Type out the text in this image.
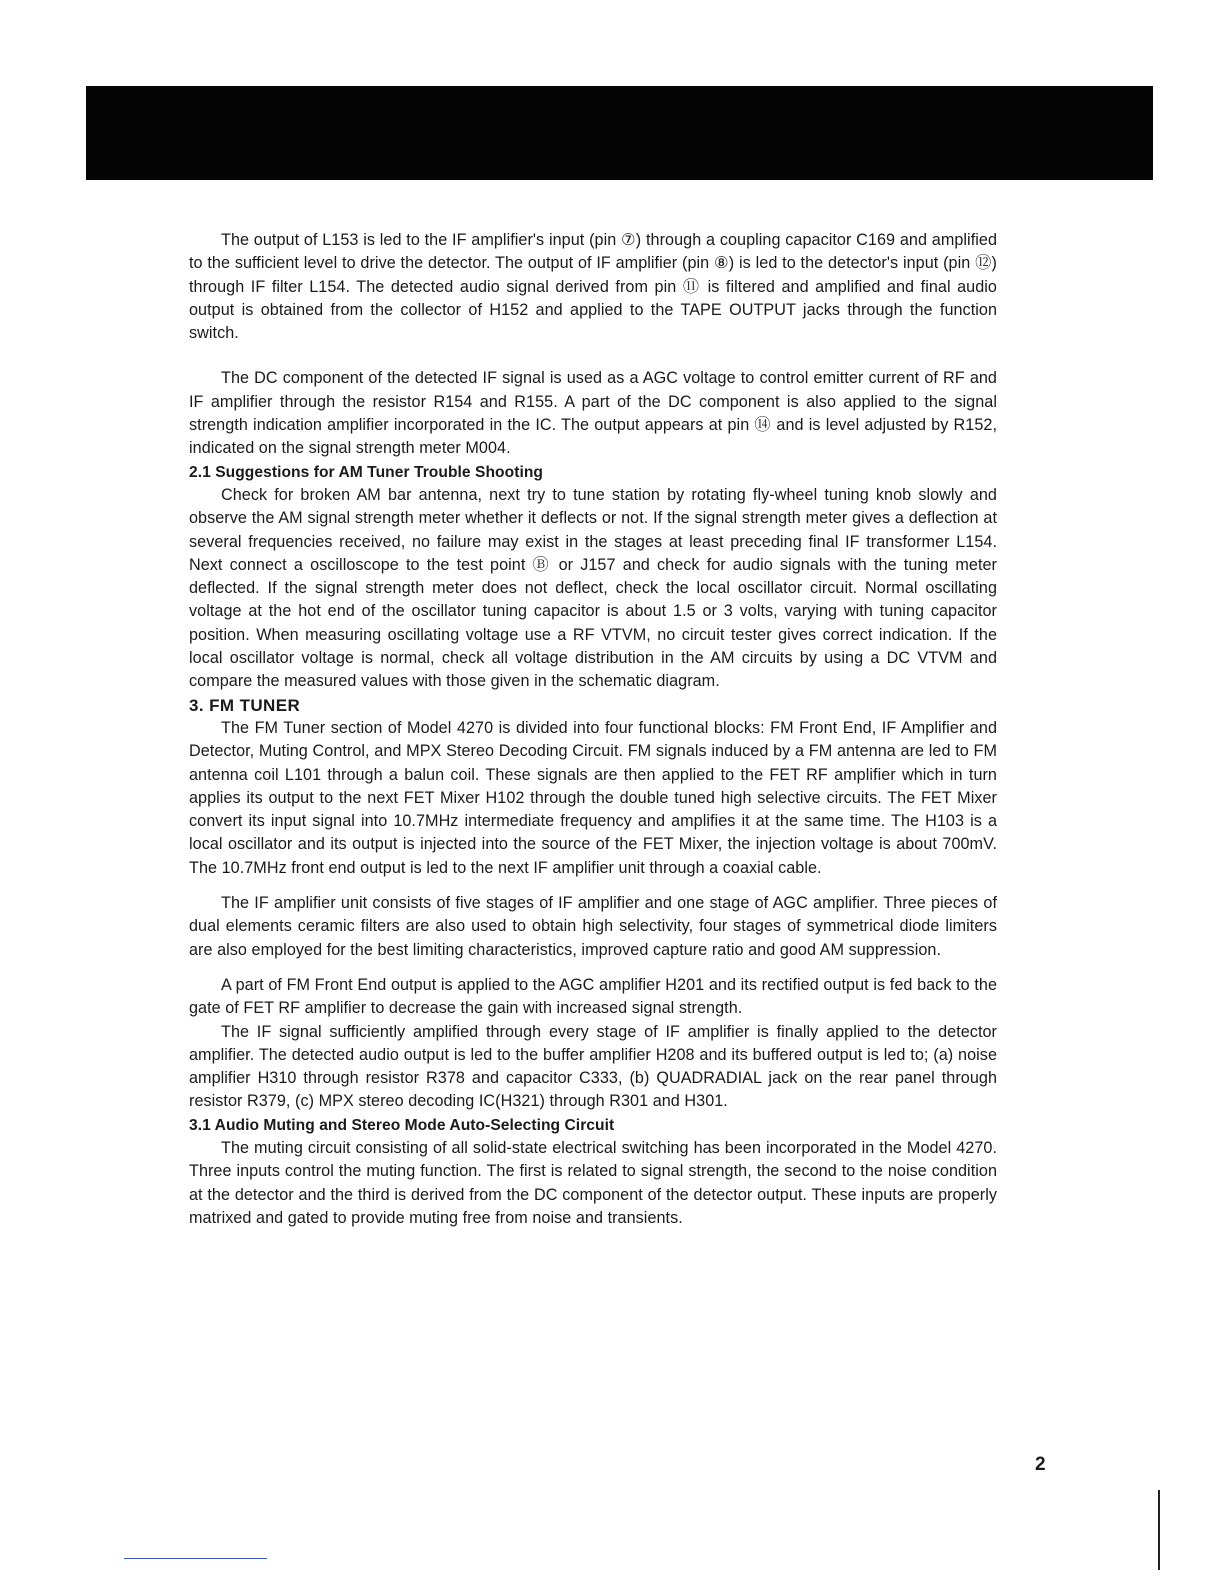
The output of L153 is led to the IF amplifier's input (pin ⑦) through a coupling capacitor C169 and amplified to the sufficient level to drive the detector. The output of IF amplifier (pin ⑧) is led to the detector's input (pin ⑫) through IF filter L154. The detected audio signal derived from pin ⑪ is filtered and amplified and final audio output is obtained from the collector of H152 and applied to the TAPE OUTPUT jacks through the function switch.

The DC component of the detected IF signal is used as a AGC voltage to control emitter current of RF and IF amplifier through the resistor R154 and R155. A part of the DC component is also applied to the signal strength indication amplifier incorporated in the IC. The output appears at pin ⑭ and is level adjusted by R152, indicated on the signal strength meter M004.

2.1 Suggestions for AM Tuner Trouble Shooting

Check for broken AM bar antenna, next try to tune station by rotating fly-wheel tuning knob slowly and observe the AM signal strength meter whether it deflects or not. If the signal strength meter gives a deflection at several frequencies received, no failure may exist in the stages at least preceding final IF transformer L154. Next connect a oscilloscope to the test point Ⓑ or J157 and check for audio signals with the tuning meter deflected. If the signal strength meter does not deflect, check the local oscillator circuit. Normal oscillating voltage at the hot end of the oscillator tuning capacitor is about 1.5 or 3 volts, varying with tuning capacitor position. When measuring oscillating voltage use a RF VTVM, no circuit tester gives correct indication. If the local oscillator voltage is normal, check all voltage distribution in the AM circuits by using a DC VTVM and compare the measured values with those given in the schematic diagram.

3. FM TUNER

The FM Tuner section of Model 4270 is divided into four functional blocks: FM Front End, IF Amplifier and Detector, Muting Control, and MPX Stereo Decoding Circuit. FM signals induced by a FM antenna are led to FM antenna coil L101 through a balun coil. These signals are then applied to the FET RF amplifier which in turn applies its output to the next FET Mixer H102 through the double tuned high selective circuits. The FET Mixer convert its input signal into 10.7MHz intermediate frequency and amplifies it at the same time. The H103 is a local oscillator and its output is injected into the source of the FET Mixer, the injection voltage is about 700mV. The 10.7MHz front end output is led to the next IF amplifier unit through a coaxial cable.

The IF amplifier unit consists of five stages of IF amplifier and one stage of AGC amplifier. Three pieces of dual elements ceramic filters are also used to obtain high selectivity, four stages of symmetrical diode limiters are also employed for the best limiting characteristics, improved capture ratio and good AM suppression.

A part of FM Front End output is applied to the AGC amplifier H201 and its rectified output is fed back to the gate of FET RF amplifier to decrease the gain with increased signal strength.

The IF signal sufficiently amplified through every stage of IF amplifier is finally applied to the detector amplifier. The detected audio output is led to the buffer amplifier H208 and its buffered output is led to; (a) noise amplifier H310 through resistor R378 and capacitor C333, (b) QUADRADIAL jack on the rear panel through resistor R379, (c) MPX stereo decoding IC(H321) through R301 and H301.

3.1 Audio Muting and Stereo Mode Auto-Selecting Circuit

The muting circuit consisting of all solid-state electrical switching has been incorporated in the Model 4270. Three inputs control the muting function. The first is related to signal strength, the second to the noise condition at the detector and the third is derived from the DC component of the detector output. These inputs are properly matrixed and gated to provide muting free from noise and transients.

2
